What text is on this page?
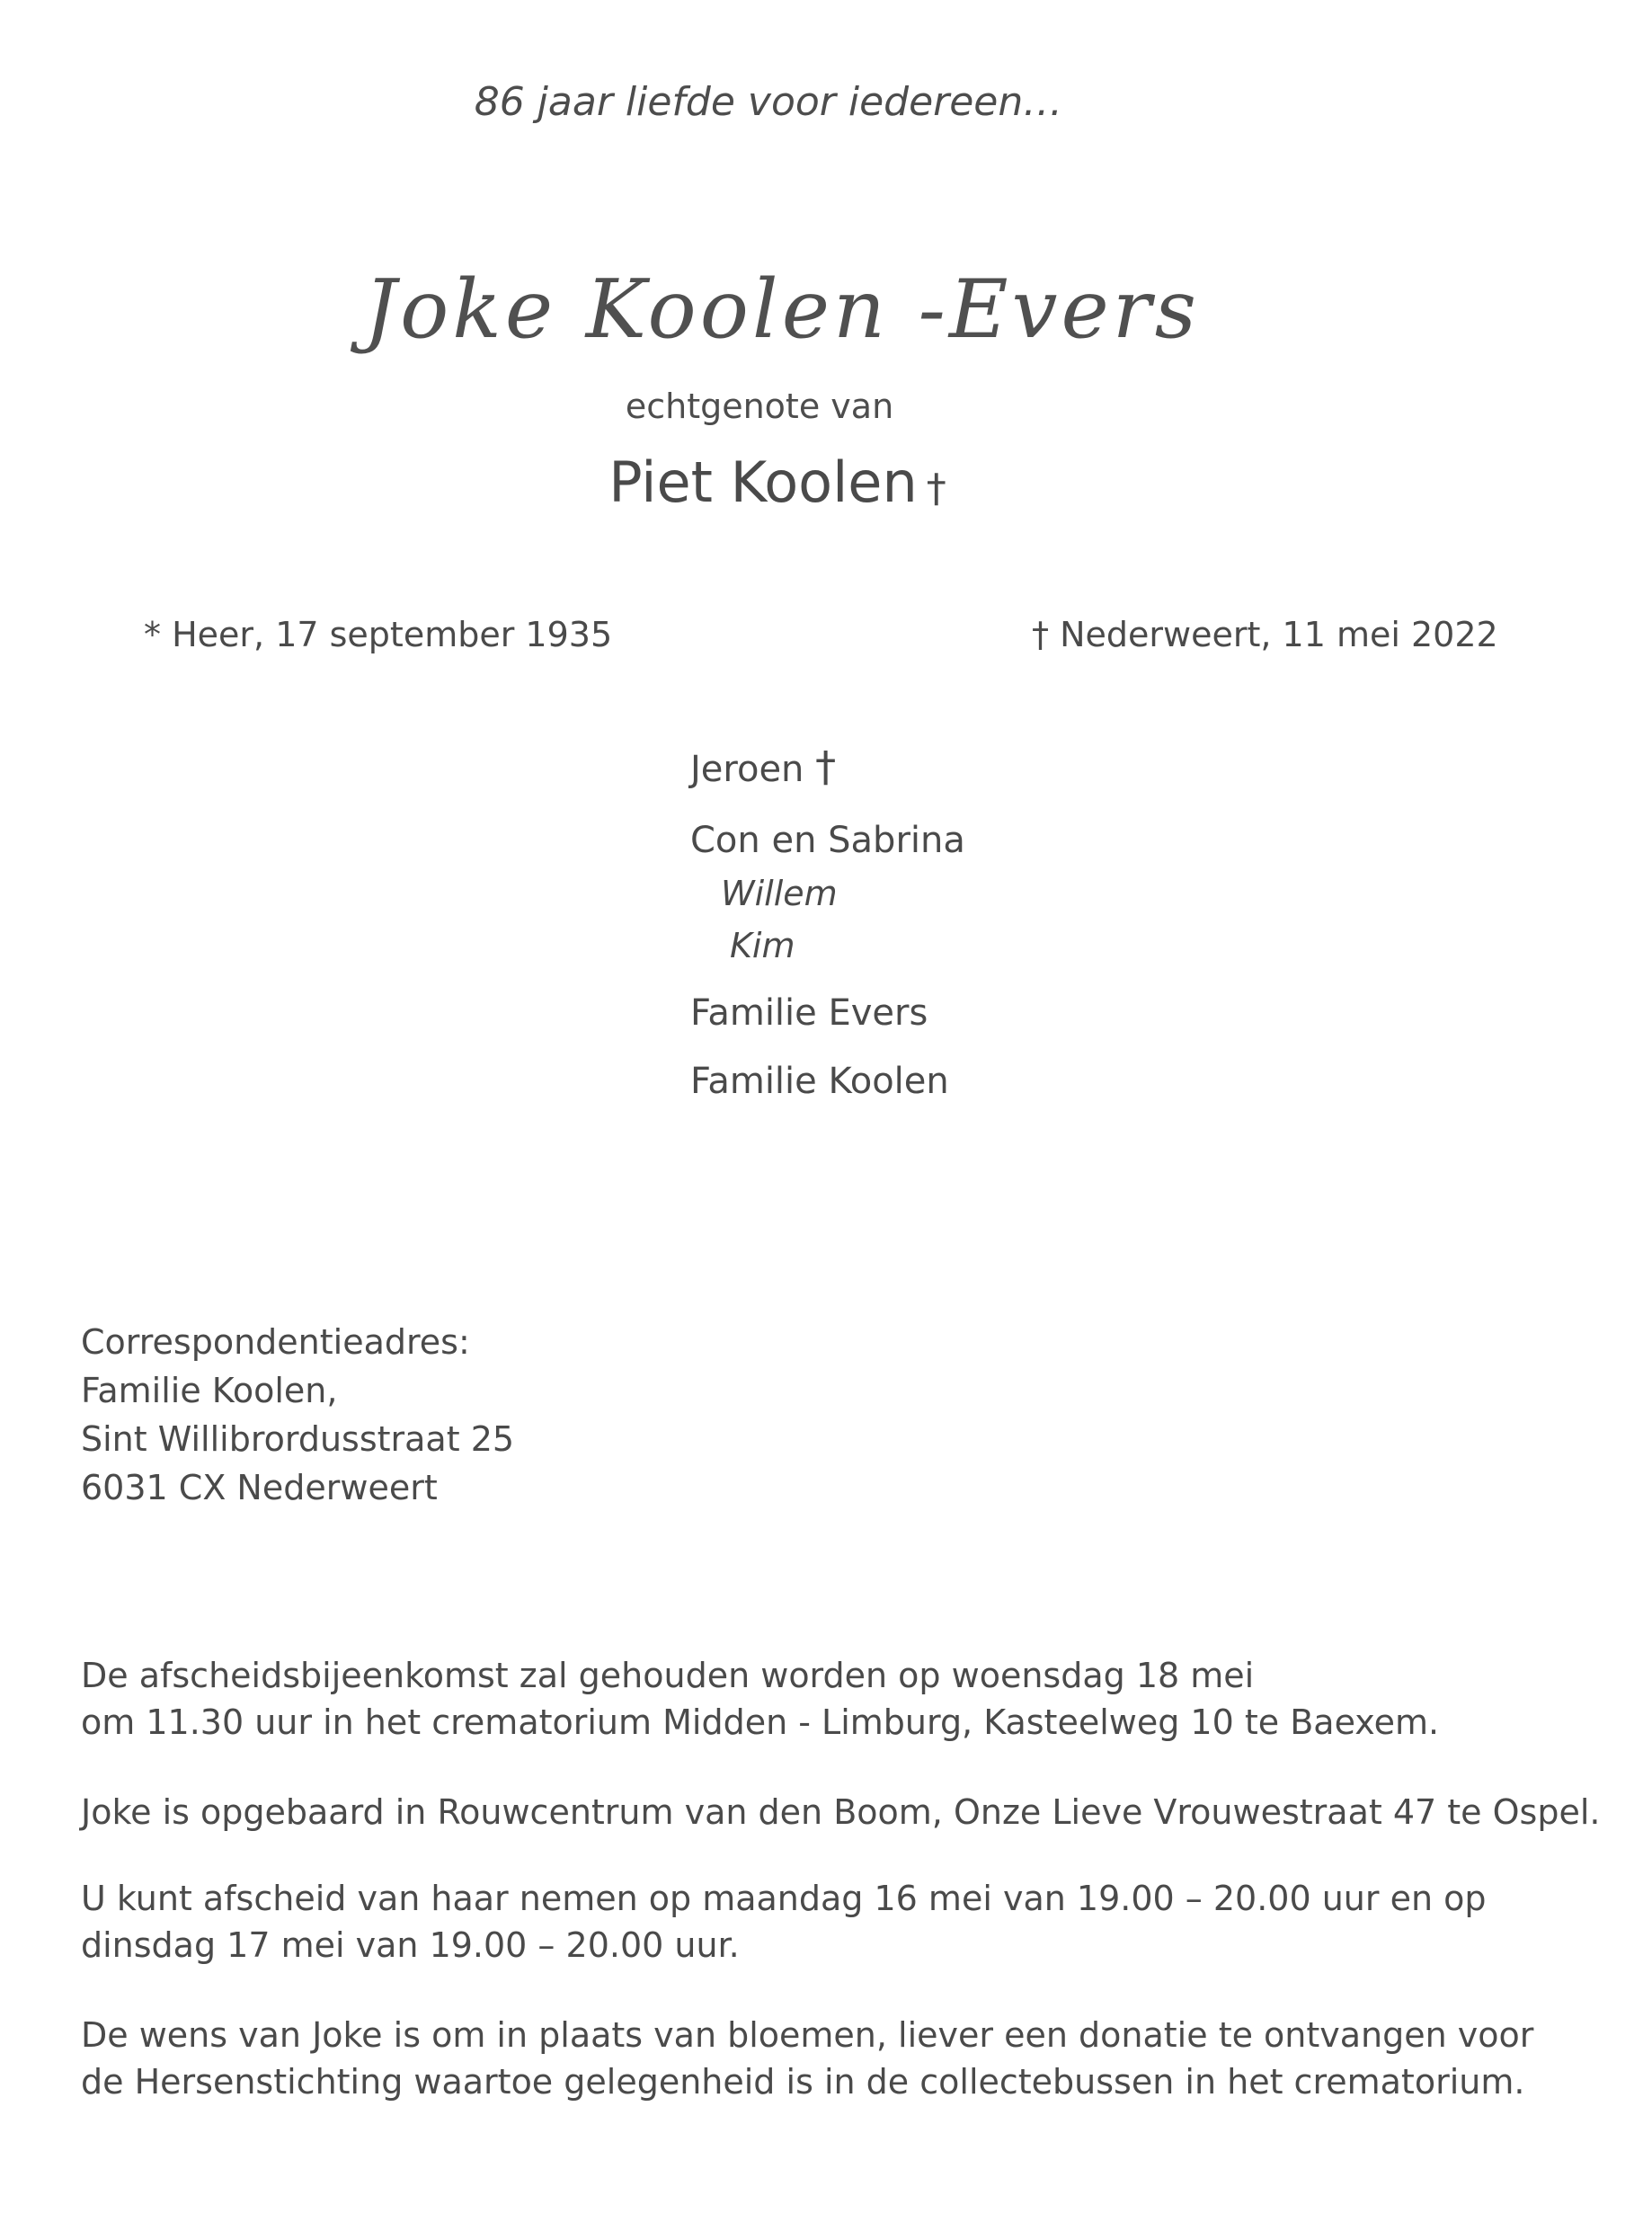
86 jaar liefde voor iedereen…
Joke Koolen -Evers
echtgenote van
Piet Koolen †
* Heer, 17 september 1935	† Nederweert, 11 mei 2022
Jeroen †
Con en Sabrina
Willem
Kim
Familie Evers
Familie Koolen
Correspondentieadres:
Familie Koolen,
Sint Willibrordusstraat 25
6031 CX Nederweert

De afscheidsbijeenkomst zal gehouden worden op woensdag 18 mei

om 11.30 uur in het crematorium Midden - Limburg, Kasteelweg 10 te Baexem.

Joke is opgebaard in Rouwcentrum van den Boom, Onze Lieve Vrouwestraat 47 te Ospel.

U kunt afscheid van haar nemen op maandag 16 mei van 19.00 – 20.00 uur en op

dinsdag 17 mei van 19.00 – 20.00 uur.

De wens van Joke is om in plaats van bloemen, liever een donatie te ontvangen voor

de Hersenstichting waartoe gelegenheid is in de collectebussen in het crematorium.
